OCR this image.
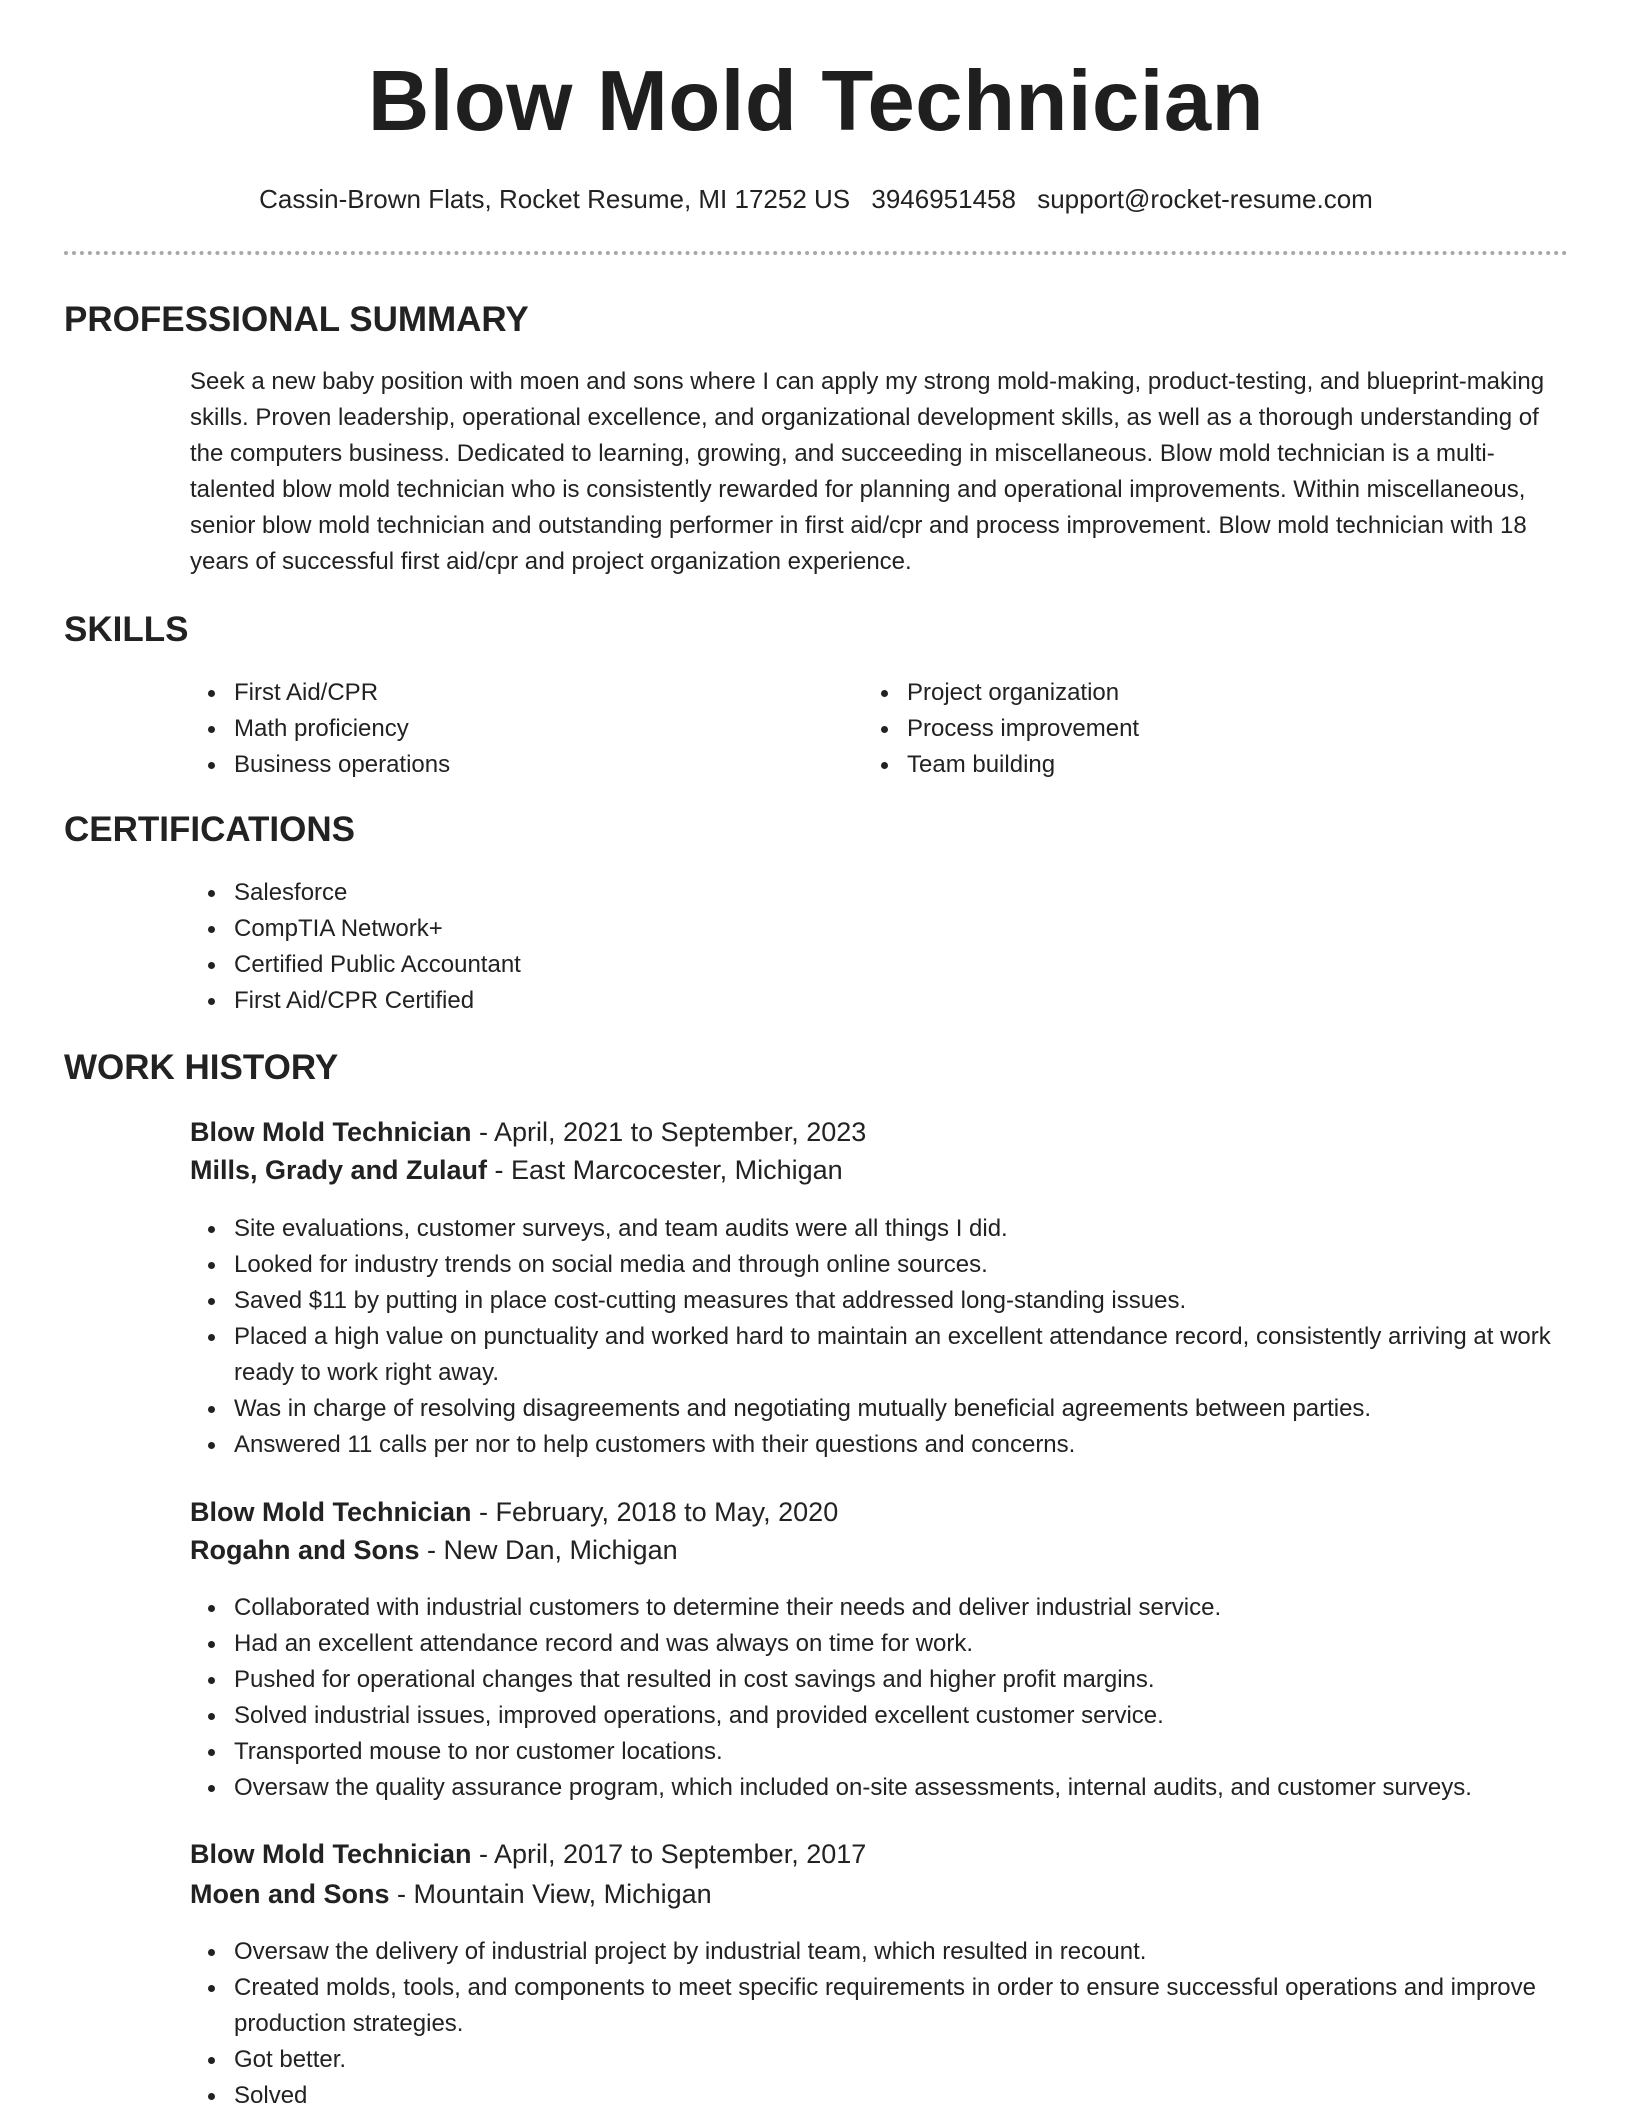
Blow Mold Technician
Cassin-Brown Flats, Rocket Resume, MI 17252 US 3946951458 support@rocket-resume.com
PROFESSIONAL SUMMARY

Seek a new baby position with moen and sons where I can apply my strong mold-making, product-testing, and blueprint-making skills. Proven leadership, operational excellence, and organizational development skills, as well as a thorough understanding of the computers business. Dedicated to learning, growing, and succeeding in miscellaneous. Blow mold technician is a multi-talented blow mold technician who is consistently rewarded for planning and operational improvements. Within miscellaneous, senior blow mold technician and outstanding performer in first aid/cpr and process improvement. Blow mold technician with 18 years of successful first aid/cpr and project organization experience.

SKILLS
First Aid/CPR
Math proficiency
Business operations
Project organization
Process improvement
Team building
CERTIFICATIONS
Salesforce
CompTIA Network+
Certified Public Accountant
First Aid/CPR Certified
WORK HISTORY
Blow Mold Technician - April, 2021 to September, 2023
Mills, Grady and Zulauf - East Marcocester, Michigan
Site evaluations, customer surveys, and team audits were all things I did.
Looked for industry trends on social media and through online sources.
Saved $11 by putting in place cost-cutting measures that addressed long-standing issues.
Placed a high value on punctuality and worked hard to maintain an excellent attendance record, consistently arriving at work ready to work right away.
Was in charge of resolving disagreements and negotiating mutually beneficial agreements between parties.
Answered 11 calls per nor to help customers with their questions and concerns.
Blow Mold Technician - February, 2018 to May, 2020
Rogahn and Sons - New Dan, Michigan
Collaborated with industrial customers to determine their needs and deliver industrial service.
Had an excellent attendance record and was always on time for work.
Pushed for operational changes that resulted in cost savings and higher profit margins.
Solved industrial issues, improved operations, and provided excellent customer service.
Transported mouse to nor customer locations.
Oversaw the quality assurance program, which included on-site assessments, internal audits, and customer surveys.
Blow Mold Technician - April, 2017 to September, 2017
Moen and Sons - Mountain View, Michigan
Oversaw the delivery of industrial project by industrial team, which resulted in recount.
Created molds, tools, and components to meet specific requirements in order to ensure successful operations and improve production strategies.
Got better.
Solved
